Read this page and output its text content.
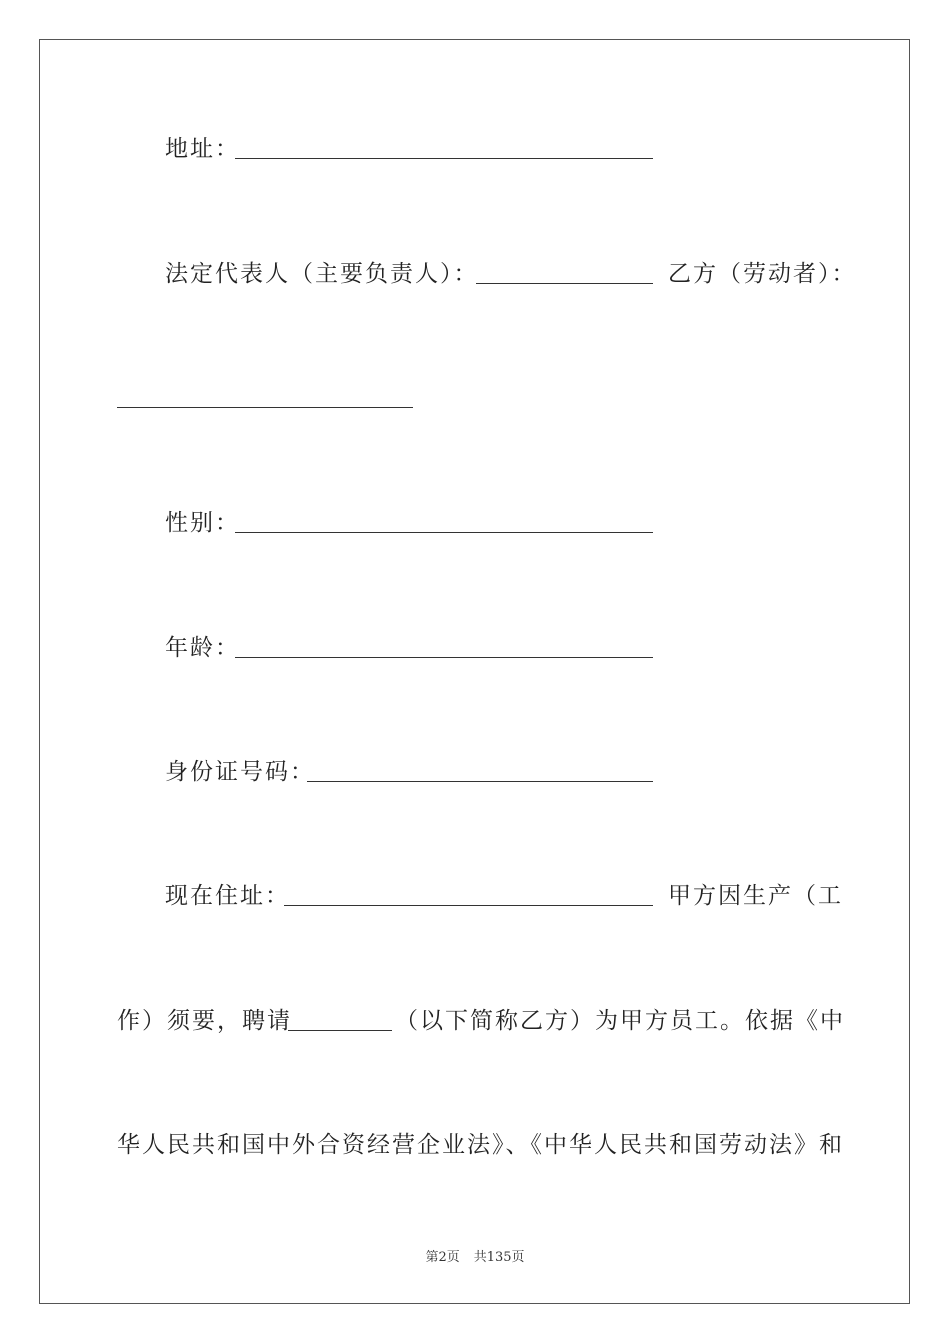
地址：
法定代表人（主要负责人）：	乙方（劳动者）：
性别：
年龄：
身份证号码：
现在住址：	甲方因生产（工
作）须要，聘请	（以下简称乙方）为甲方员工。依据《中
华人民共和国中外合资经营企业法》、《中华人民共和国劳动法》和
第2页 共135页
